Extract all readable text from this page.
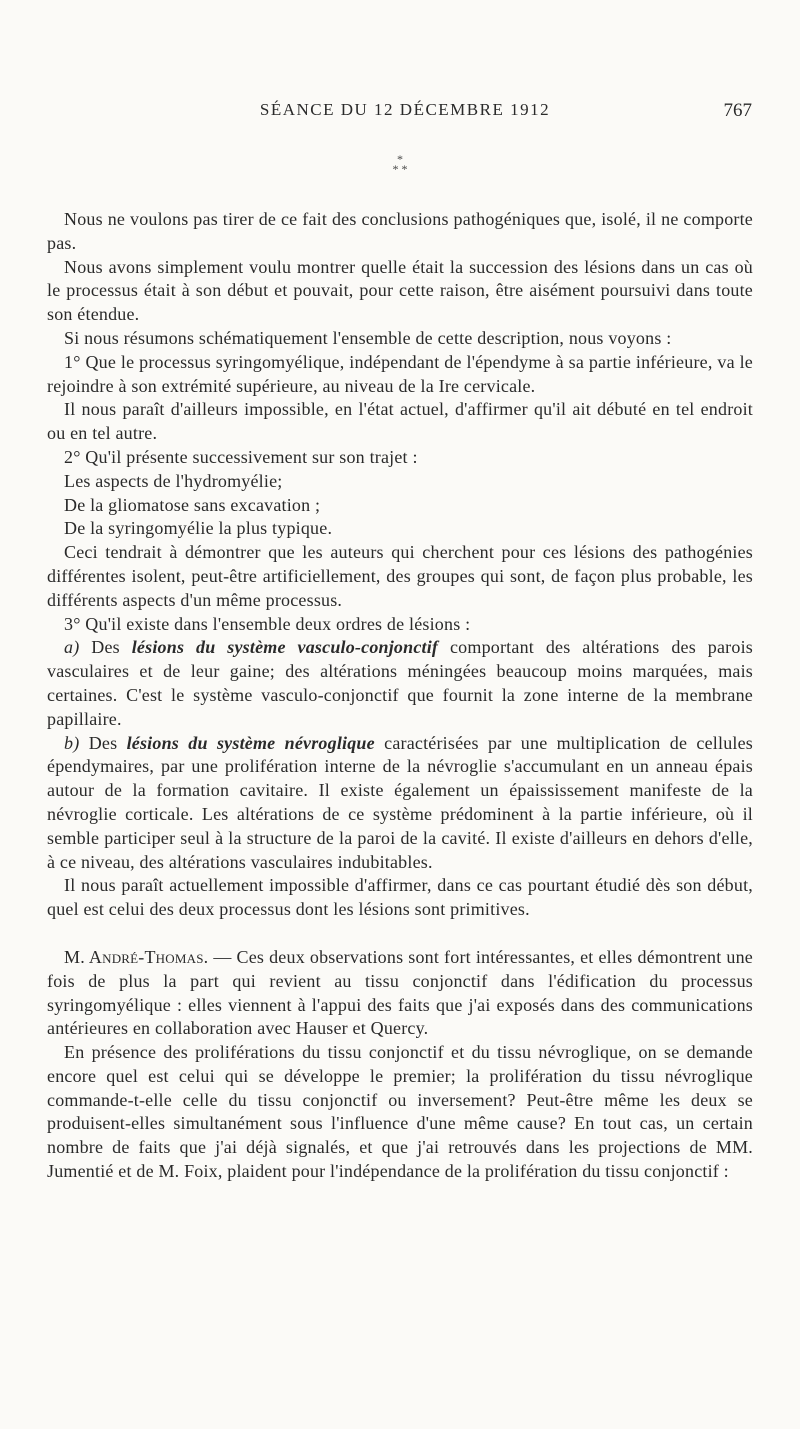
SÉANCE DU 12 DÉCEMBRE 1912	767
*
* *

Nous ne voulons pas tirer de ce fait des conclusions pathogéniques que, isolé, il ne comporte pas.

Nous avons simplement voulu montrer quelle était la succession des lésions dans un cas où le processus était à son début et pouvait, pour cette raison, être aisément poursuivi dans toute son étendue.

Si nous résumons schématiquement l'ensemble de cette description, nous voyons :

1° Que le processus syringomyélique, indépendant de l'épendyme à sa partie inférieure, va le rejoindre à son extrémité supérieure, au niveau de la Ire cervicale.

Il nous paraît d'ailleurs impossible, en l'état actuel, d'affirmer qu'il ait débuté en tel endroit ou en tel autre.

2° Qu'il présente successivement sur son trajet :

Les aspects de l'hydromyélie;

De la gliomatose sans excavation ;

De la syringomyélie la plus typique.

Ceci tendrait à démontrer que les auteurs qui cherchent pour ces lésions des pathogénies différentes isolent, peut-être artificiellement, des groupes qui sont, de façon plus probable, les différents aspects d'un même processus.

3° Qu'il existe dans l'ensemble deux ordres de lésions :

a) Des lésions du système vasculo-conjonctif comportant des altérations des parois vasculaires et de leur gaine; des altérations méningées beaucoup moins marquées, mais certaines. C'est le système vasculo-conjonctif que fournit la zone interne de la membrane papillaire.

b) Des lésions du système névroglique caractérisées par une multiplication de cellules épendymaires, par une prolifération interne de la névroglie s'accumulant en un anneau épais autour de la formation cavitaire. Il existe également un épaississement manifeste de la névroglie corticale. Les altérations de ce système prédominent à la partie inférieure, où il semble participer seul à la structure de la paroi de la cavité. Il existe d'ailleurs en dehors d'elle, à ce niveau, des altérations vasculaires indubitables.

Il nous paraît actuellement impossible d'affirmer, dans ce cas pourtant étudié dès son début, quel est celui des deux processus dont les lésions sont primitives.

M. André-Thomas. — Ces deux observations sont fort intéressantes, et elles démontrent une fois de plus la part qui revient au tissu conjonctif dans l'édification du processus syringomyélique : elles viennent à l'appui des faits que j'ai exposés dans des communications antérieures en collaboration avec Hauser et Quercy.

En présence des proliférations du tissu conjonctif et du tissu névroglique, on se demande encore quel est celui qui se développe le premier; la prolifération du tissu névroglique commande-t-elle celle du tissu conjonctif ou inversement? Peut-être même les deux se produisent-elles simultanément sous l'influence d'une même cause? En tout cas, un certain nombre de faits que j'ai déjà signalés, et que j'ai retrouvés dans les projections de MM. Jumentié et de M. Foix, plaident pour l'indépendance de la prolifération du tissu conjonctif :
